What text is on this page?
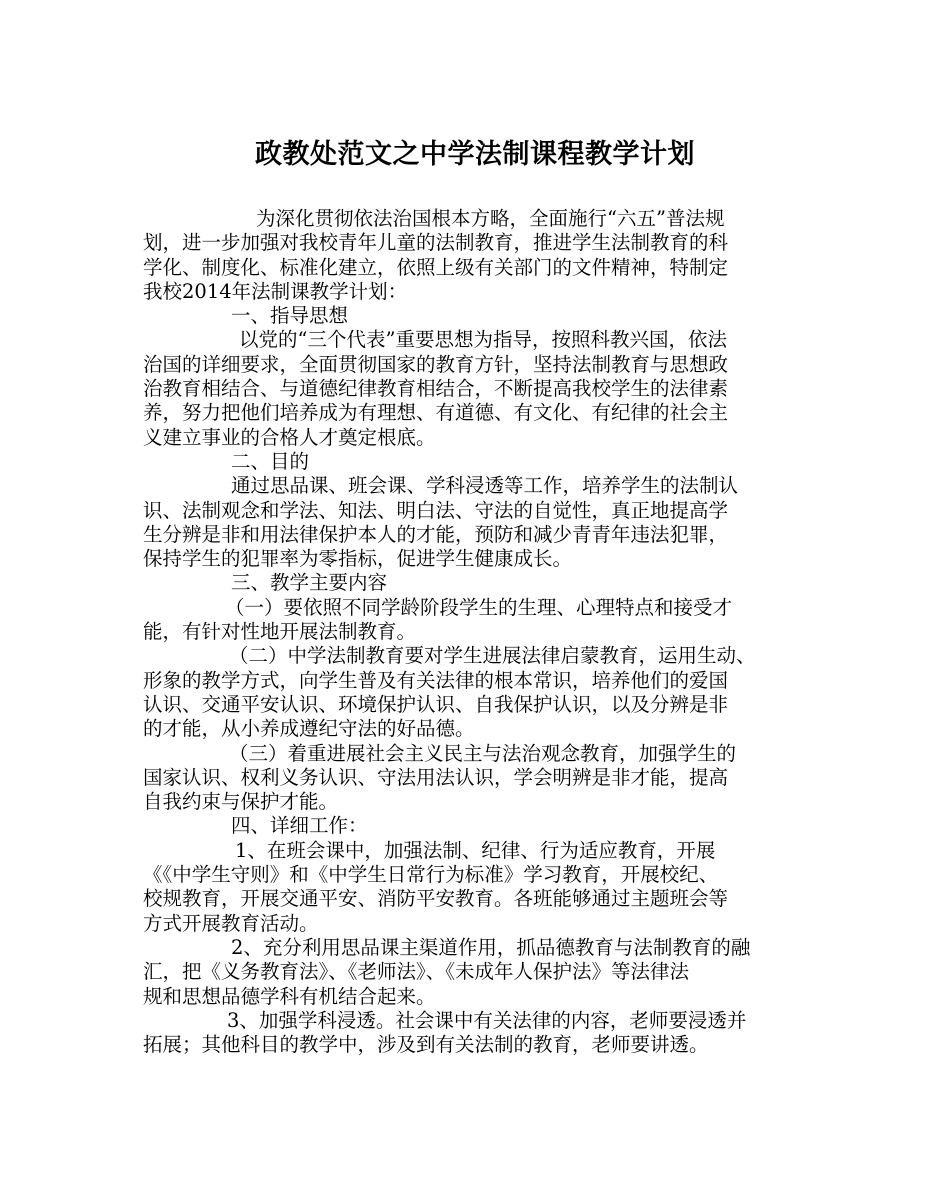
政教处范文之中学法制课程教学计划

为深化贯彻依法治国根本方略，全面施行“六五”普法规

划，进一步加强对我校青年儿童的法制教育，推进学生法制教育的科

学化、制度化、标准化建立，依照上级有关部门的文件精神，特制定

我校2014年法制课教学计划：

一、指导思想

以党的“三个代表”重要思想为指导，按照科教兴国，依法

治国的详细要求，全面贯彻国家的教育方针，坚持法制教育与思想政

治教育相结合、与道德纪律教育相结合，不断提高我校学生的法律素

养，努力把他们培养成为有理想、有道德、有文化、有纪律的社会主

义建立事业的合格人才奠定根底。

二、目的

通过思品课、班会课、学科浸透等工作，培养学生的法制认

识、法制观念和学法、知法、明白法、守法的自觉性，真正地提高学

生分辨是非和用法律保护本人的才能，预防和减少青青年违法犯罪，

保持学生的犯罪率为零指标，促进学生健康成长。

三、教学主要内容

（一）要依照不同学龄阶段学生的生理、心理特点和接受才

能，有针对性地开展法制教育。

（二）中学法制教育要对学生进展法律启蒙教育，运用生动、

形象的教学方式，向学生普及有关法律的根本常识，培养他们的爱国

认识、交通平安认识、环境保护认识、自我保护认识，以及分辨是非

的才能，从小养成遵纪守法的好品德。

（三）着重进展社会主义民主与法治观念教育，加强学生的

国家认识、权利义务认识、守法用法认识，学会明辨是非才能，提高

自我约束与保护才能。

四、详细工作：

1、在班会课中，加强法制、纪律、行为适应教育，开展

《《中学生守则》和《中学生日常行为标准》学习教育，开展校纪、

校规教育，开展交通平安、消防平安教育。各班能够通过主题班会等

方式开展教育活动。

2、充分利用思品课主渠道作用，抓品德教育与法制教育的融

汇，把《义务教育法》、《老师法》、《未成年人保护法》等法律法

规和思想品德学科有机结合起来。

3、加强学科浸透。社会课中有关法律的内容，老师要浸透并

拓展；其他科目的教学中，涉及到有关法制的教育，老师要讲透。
